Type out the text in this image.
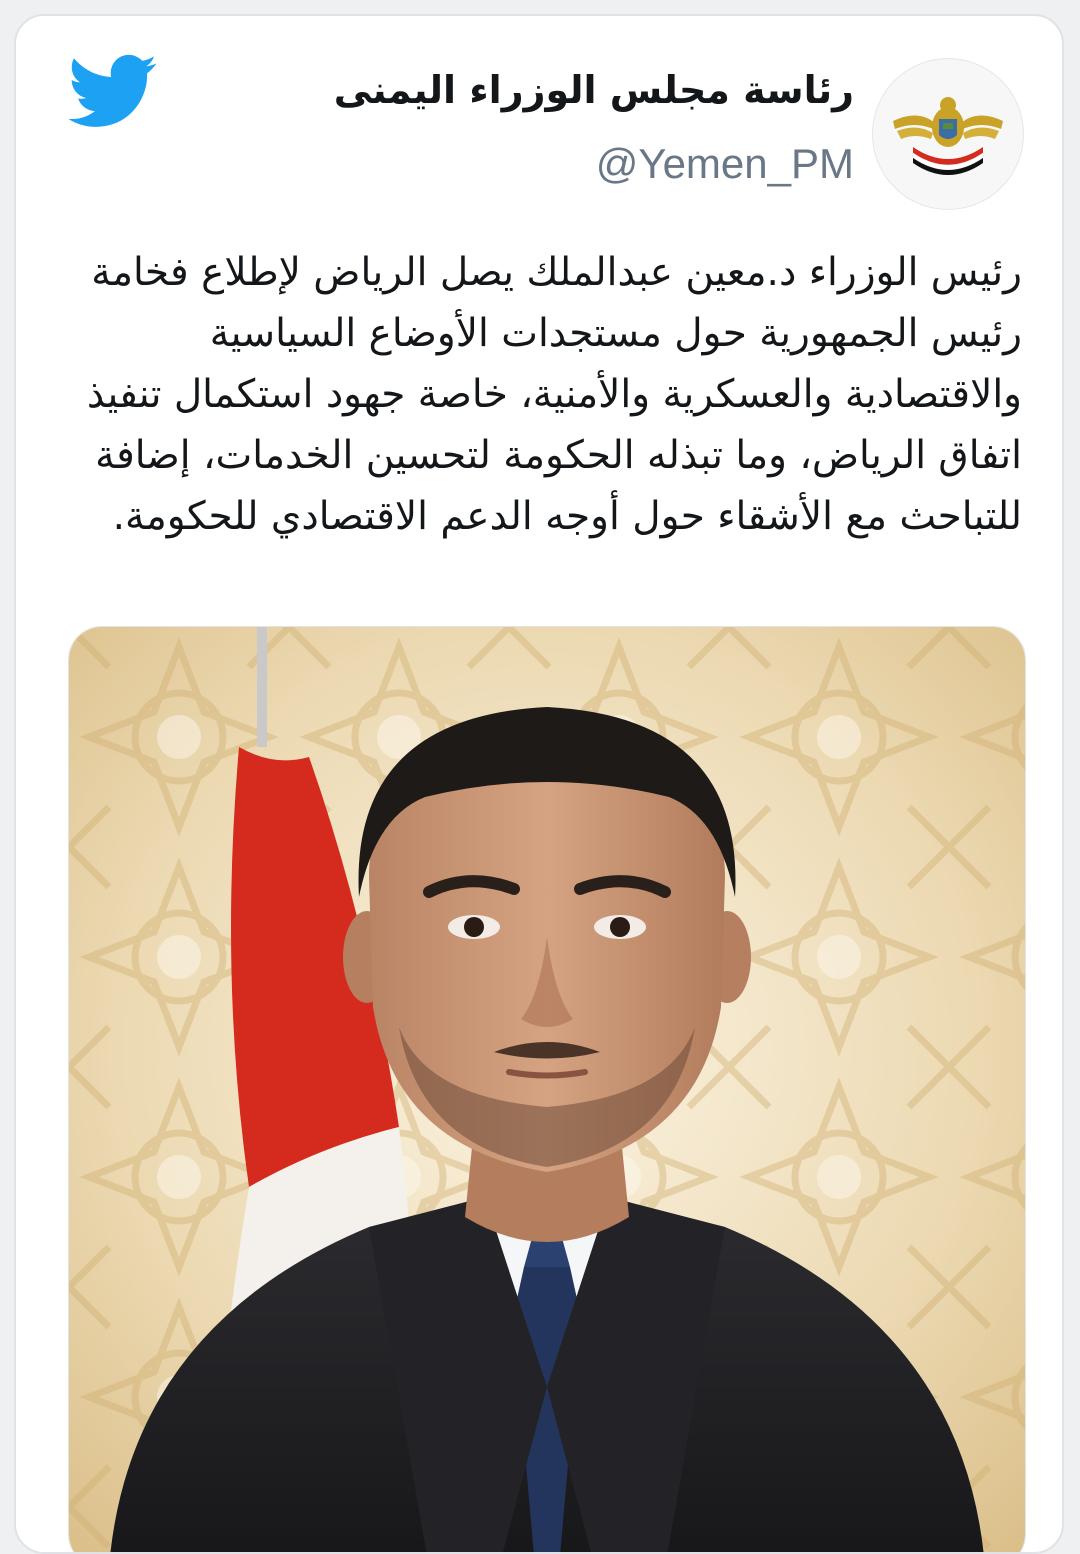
رئاسة مجلس الوزراء اليمنى
@Yemen_PM
رئيس الوزراء د.معين عبدالملك يصل الرياض لإطلاع فخامة رئيس الجمهورية حول مستجدات الأوضاع السياسية والاقتصادية والعسكرية والأمنية، خاصة جهود استكمال تنفيذ اتفاق الرياض، وما تبذله الحكومة لتحسين الخدمات، إضافة للتباحث مع الأشقاء حول أوجه الدعم الاقتصادي للحكومة.
